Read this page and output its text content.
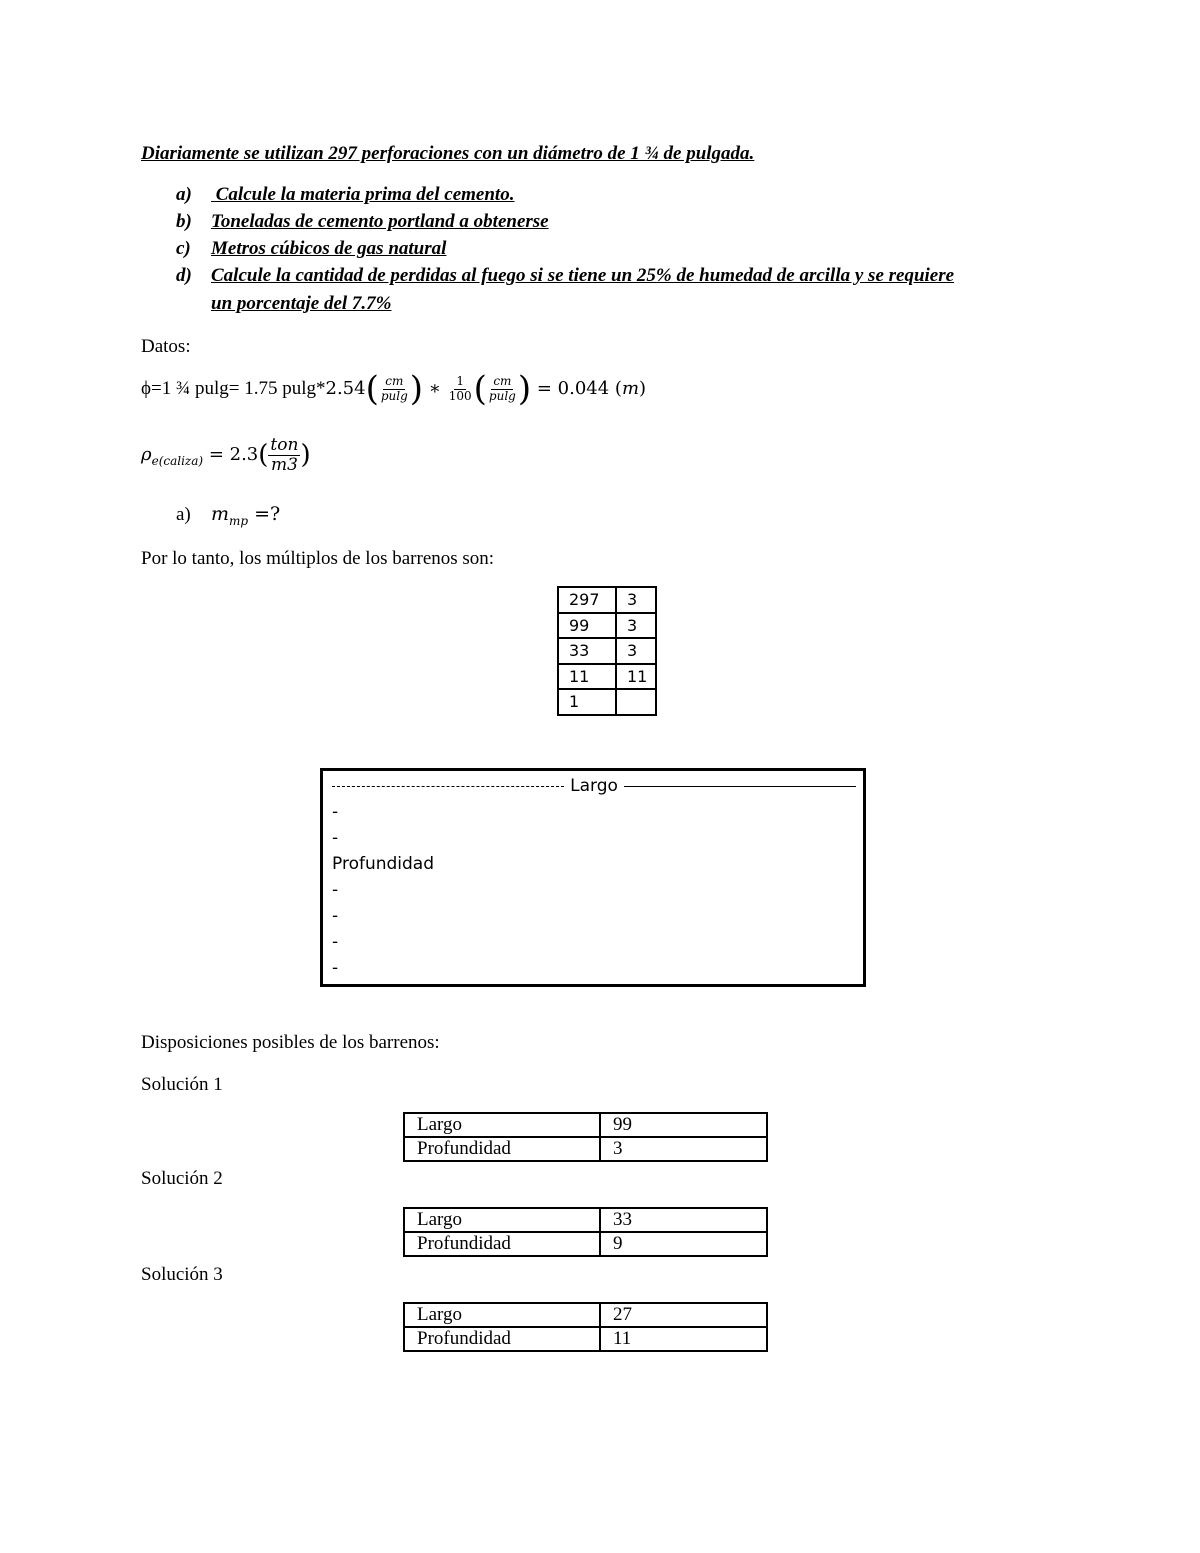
Diariamente se utilizan 297 perforaciones con un diámetro de 1 ¾ de pulgada.
a) Calcule la materia prima del cemento.
b) Toneladas de cemento portland a obtenerse
c) Metros cúbicos de gas natural
d) Calcule la cantidad de perdidas al fuego si se tiene un 25% de humedad de arcilla y se requiere
un porcentaje del 7.7%
Datos:
ϕ=1 ¾ pulg= 1.75 $pulg*2.54( \frac{cm}{pulg}$ ) ∗ $\frac{1}{100}$ ( $\frac{cm}{pulg}$ ) = 0.044 (m)
$\rho_{e(caliza)} = 2.3( \frac{\text{ton}}{m3}$ )
a) $m_{mp}$ =?
Por lo tanto, los múltiplos de los barrenos son:
297	3
99	3
33	3
11	11
1	
Largo
-
-
Profundidad
-
-
-
-
Disposiciones posibles de los barrenos:
Solución 1
Largo	99
Profundidad	3
Solución 2
Largo	33
Profundidad	9
Solución 3
Largo	27
Profundidad	11
